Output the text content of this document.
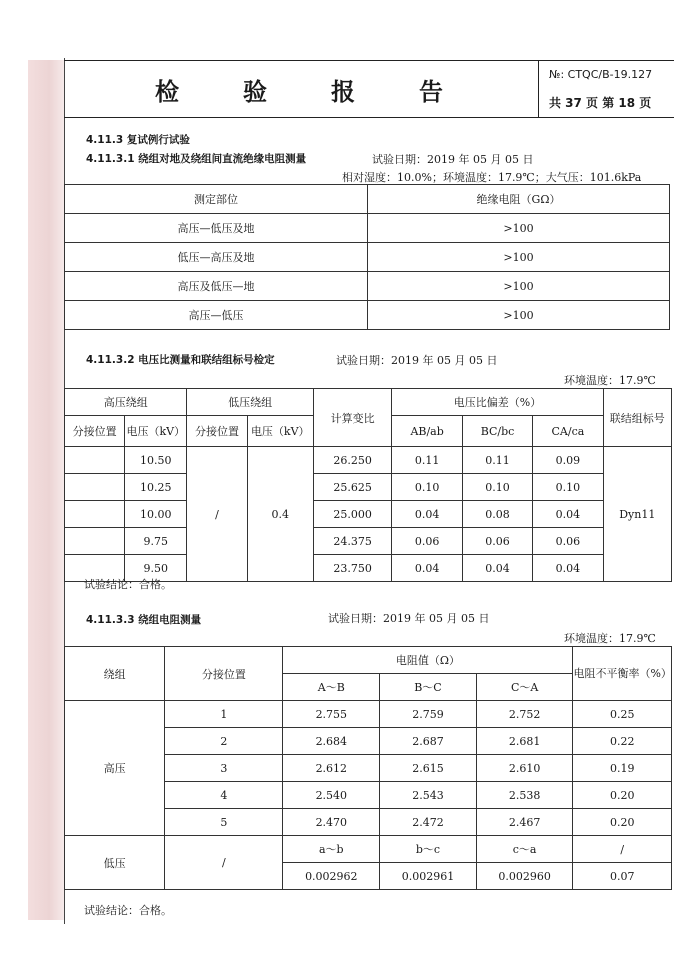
检	验	报	告
№: CTQC/B-19.127
共 37 页 第 18 页
4.11.3 复试例行试验
4.11.3.1 绕组对地及绕组间直流绝缘电阻测量	试验日期：2019 年 05 月 05 日
相对湿度：10.0%；环境温度：17.9℃；大气压：101.6kPa
测定部位	绝缘电阻（GΩ）
高压—低压及地	>100
低压—高压及地	>100
高压及低压—地	>100
高压—低压	>100
4.11.3.2 电压比测量和联结组标号检定	试验日期：2019 年 05 月 05 日
环境温度：17.9℃
高压绕组		低压绕组		计算变比	电压比偏差（%）			联结组标号
分接位置	电压（kV）	分接位置	电压（kV）		AB/ab	BC/bc	CA/ca	
	10.50	/	0.4	26.250	0.11	0.11	0.09	Dyn11
	10.25			25.625	0.10	0.10	0.10	
	10.00			25.000	0.04	0.08	0.04	
	9.75			24.375	0.06	0.06	0.06	
	9.50			23.750	0.04	0.04	0.04	
试验结论：合格。
4.11.3.3 绕组电阻测量	试验日期：2019 年 05 月 05 日
环境温度：17.9℃
绕组	分接位置	电阻值（Ω）			电阻不平衡率（%）
		A～B	B～C	C～A	
高压	1	2.755	2.759	2.752	0.25
	2	2.684	2.687	2.681	0.22
	3	2.612	2.615	2.610	0.19
	4	2.540	2.543	2.538	0.20
	5	2.470	2.472	2.467	0.20
低压	/	a～b	b～c	c～a	/
		0.002962	0.002961	0.002960	0.07
试验结论：合格。
